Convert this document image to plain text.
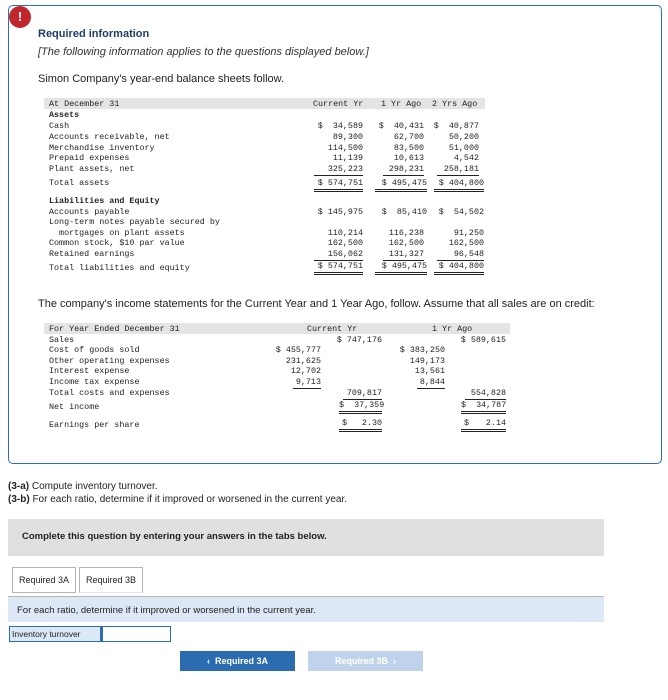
!
Required information
[The following information applies to the questions displayed below.]
Simon Company's year-end balance sheets follow.
At December 31	Current Yr 1 Yr Ago 2 Yrs Ago
Assets
Cash	$  34,589	$  40,431	$  40,877
Accounts receivable, net	89,300	62,700	50,200
Merchandise inventory	114,500	83,500	51,000
Prepaid expenses	11,139	10,613	4,542
Plant assets, net	325,223	298,231	258,181
Total assets	$ 574,751	$ 495,475	$ 404,800
Liabilities and Equity
Accounts payable	$ 145,975	$  85,410	$  54,502
Long-term notes payable secured by
mortgages on plant assets	110,214	116,238	91,250
Common stock, $10 par value	162,500	162,500	162,500
Retained earnings	156,062	131,327	96,548
Total liabilities and equity	$ 574,751	$ 495,475	$ 404,800
The company's income statements for the Current Year and 1 Year Ago, follow. Assume that all sales are on credit:
For Year Ended December 31	Current Yr	1 Yr Ago
Sales	$ 747,176	$ 589,615
Cost of goods sold	$ 455,777	$ 383,250
Other operating expenses	231,625	149,173
Interest expense	12,702	13,561
Income tax expense	9,713	8,844
Total costs and expenses	709,817	554,828
Net income	$  37,359	$  34,787
Earnings per share	$	2.30	$	2.14
(3-a) Compute inventory turnover.
(3-b) For each ratio, determine if it improved or worsened in the current year.
Complete this question by entering your answers in the tabs below.
Required 3A	Required 3B
For each ratio, determine if it improved or worsened in the current year.
Inventory turnover
‹  Required 3A	Required 3B  ›
